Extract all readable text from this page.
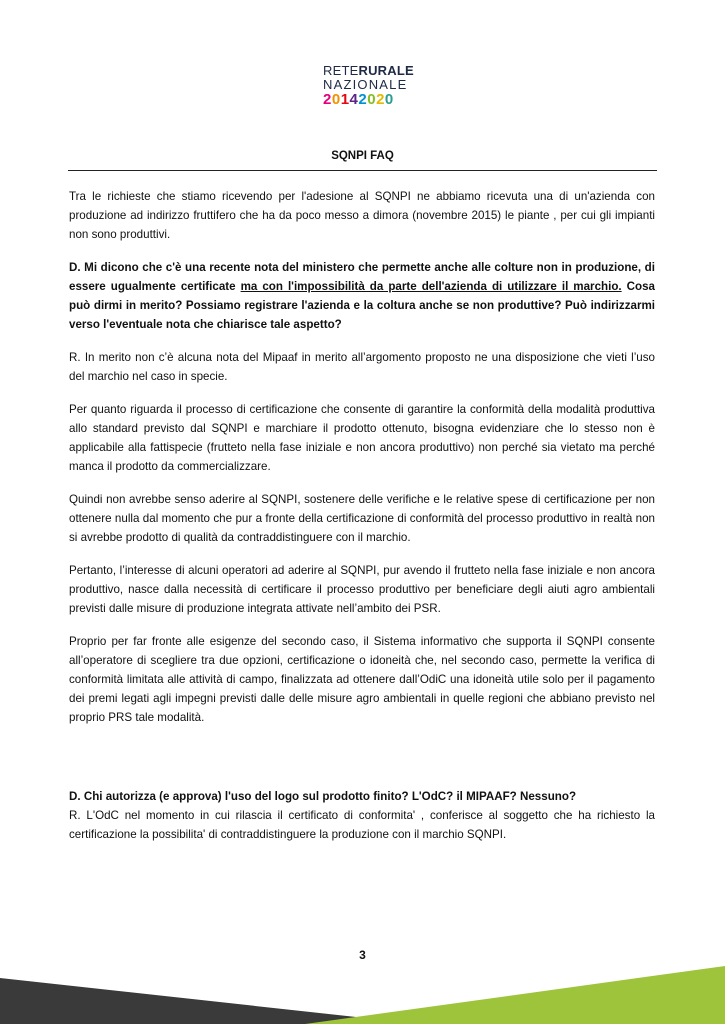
RETERURALE
NAZIONALE
20142020
SQNPI FAQ

Tra le richieste che stiamo ricevendo per l'adesione al SQNPI ne abbiamo ricevuta una di un'azienda con produzione ad indirizzo fruttifero che ha da poco messo a dimora (novembre 2015) le piante , per cui gli impianti non sono produttivi.

D. Mi dicono che c'è una recente nota del ministero che permette anche alle colture non in produzione, di essere ugualmente certificate ma con l'impossibilità da parte dell'azienda di utilizzare il marchio. Cosa può dirmi in merito? Possiamo registrare l'azienda e la coltura anche se non produttive? Può indirizzarmi verso l'eventuale nota che chiarisce tale aspetto?

R. In merito non c’è alcuna nota del Mipaaf in merito all’argomento proposto ne una disposizione che vieti l’uso del marchio nel caso in specie.

Per quanto riguarda il processo di certificazione che consente di garantire la conformità della modalità produttiva allo standard previsto dal SQNPI e marchiare il prodotto ottenuto, bisogna evidenziare che lo stesso non è applicabile alla fattispecie (frutteto nella fase iniziale e non ancora produttivo) non perché sia vietato ma perché manca il prodotto da commercializzare.

Quindi non avrebbe senso aderire al SQNPI, sostenere delle verifiche e le relative spese di certificazione per non ottenere nulla dal momento che pur a fronte della certificazione di conformità del processo produttivo in realtà non si avrebbe prodotto di qualità da contraddistinguere con il marchio.

Pertanto, l’interesse di alcuni operatori ad aderire al SQNPI, pur avendo il frutteto nella fase iniziale e non ancora produttivo, nasce dalla necessità di certificare il processo produttivo per beneficiare degli aiuti agro ambientali previsti dalle misure di produzione integrata attivate nell’ambito dei PSR.

Proprio per far fronte alle esigenze del secondo caso, il Sistema informativo che supporta il SQNPI consente all’operatore di scegliere tra due opzioni, certificazione o idoneità che, nel secondo caso, permette la verifica di conformità limitata alle attività di campo, finalizzata ad ottenere dall’OdiC una idoneità utile solo per il pagamento dei premi legati agli impegni previsti dalle delle misure agro ambientali in quelle regioni che abbiano previsto nel proprio PRS tale modalità.

D. Chi autorizza (e approva) l'uso del logo sul prodotto finito? L'OdC? il MIPAAF? Nessuno?

R. L'OdC nel momento in cui rilascia il certificato di conformita' , conferisce al soggetto che ha richiesto la certificazione la possibilita' di contraddistinguere la produzione con il marchio SQNPI.

3
